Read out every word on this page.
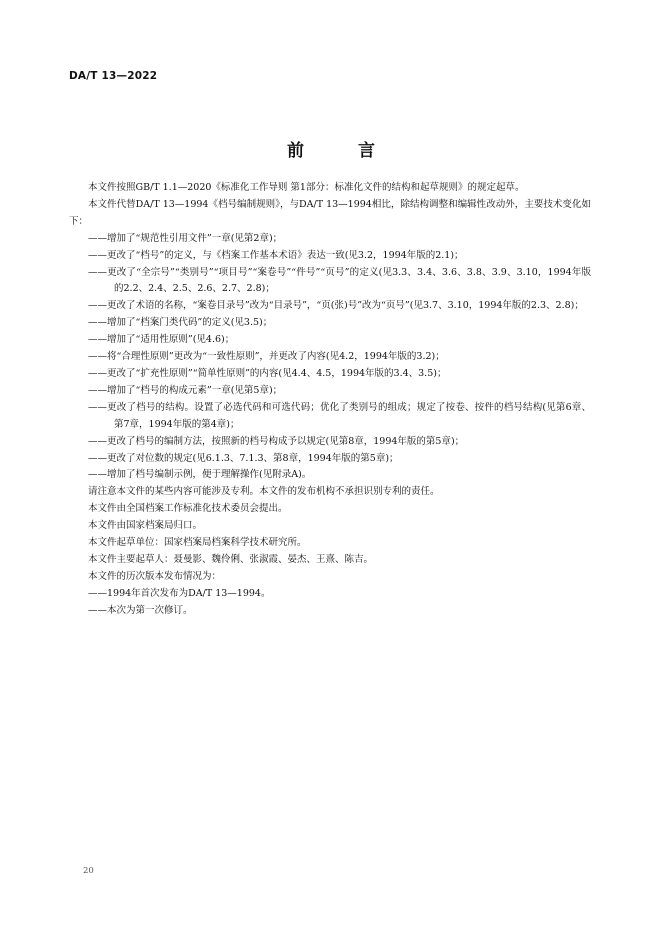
DA/T 13—2022
前 言

本文件按照GB/T 1.1—2020《标准化工作导则 第1部分：标准化文件的结构和起草规则》的规定起草。

本文件代替DA/T 13—1994《档号编制规则》，与DA/T 13—1994相比，除结构调整和编辑性改动外，主要技术变化如下：

——增加了“规范性引用文件”一章(见第2章)；

——更改了“档号”的定义，与《档案工作基本术语》表达一致(见3.2，1994年版的2.1)；

——更改了“全宗号”“类别号”“项目号”“案卷号”“件号”“页号”的定义(见3.3、3.4、3.6、3.8、3.9、3.10，1994年版的2.2、2.4、2.5、2.6、2.7、2.8)；

——更改了术语的名称，“案卷目录号”改为“目录号”，“页(张)号”改为“页号”(见3.7、3.10，1994年版的2.3、2.8)；

——增加了“档案门类代码”的定义(见3.5)；

——增加了“适用性原则”(见4.6)；

——将“合理性原则”更改为“一致性原则”，并更改了内容(见4.2，1994年版的3.2)；

——更改了“扩充性原则”“简单性原则”的内容(见4.4、4.5，1994年版的3.4、3.5)；

——增加了“档号的构成元素”一章(见第5章)；

——更改了档号的结构。设置了必选代码和可选代码；优化了类别号的组成；规定了按卷、按件的档号结构(见第6章、第7章，1994年版的第4章)；

——更改了档号的编制方法，按照新的档号构成予以规定(见第8章，1994年版的第5章)；

——更改了对位数的规定(见6.1.3、7.1.3、第8章，1994年版的第5章)；

——增加了档号编制示例，便于理解操作(见附录A)。

请注意本文件的某些内容可能涉及专利。本文件的发布机构不承担识别专利的责任。

本文件由全国档案工作标准化技术委员会提出。

本文件由国家档案局归口。

本文件起草单位：国家档案局档案科学技术研究所。

本文件主要起草人：聂曼影、魏伶俐、张淑霞、晏杰、王熹、陈吉。

本文件的历次版本发布情况为：

——1994年首次发布为DA/T 13—1994。

——本次为第一次修订。

20
